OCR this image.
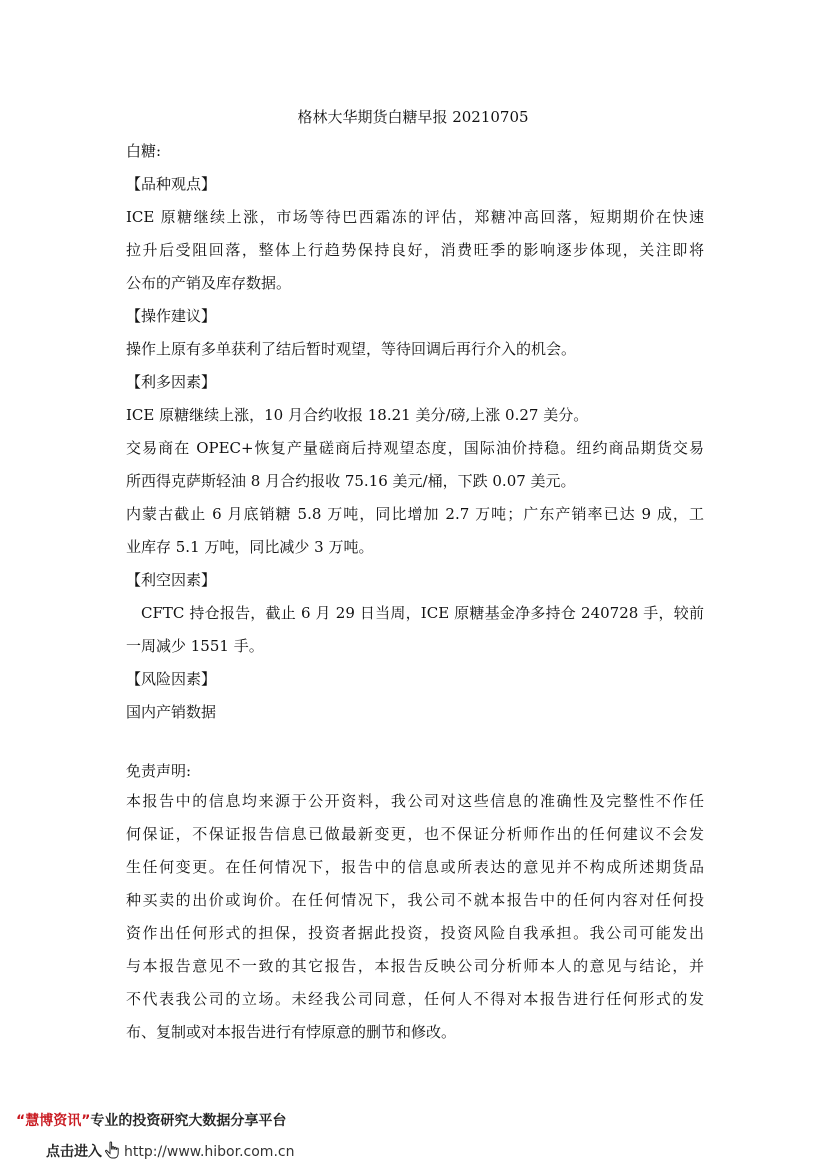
格林大华期货白糖早报 20210705
白糖:
【品种观点】
ICE 原糖继续上涨，市场等待巴西霜冻的评估，郑糖冲高回落，短期期价在快速
拉升后受阻回落，整体上行趋势保持良好，消费旺季的影响逐步体现，关注即将
公布的产销及库存数据。
【操作建议】
操作上原有多单获利了结后暂时观望，等待回调后再行介入的机会。
【利多因素】
ICE 原糖继续上涨，10 月合约收报 18.21 美分/磅,上涨 0.27 美分。
交易商在 OPEC+恢复产量磋商后持观望态度，国际油价持稳。纽约商品期货交易
所西得克萨斯轻油 8 月合约报收 75.16 美元/桶，下跌 0.07 美元。
内蒙古截止 6 月底销糖 5.8 万吨，同比增加 2.7 万吨；广东产销率已达 9 成，工
业库存 5.1 万吨，同比减少 3 万吨。
【利空因素】
CFTC 持仓报告，截止 6 月 29 日当周，ICE 原糖基金净多持仓 240728 手，较前
一周减少 1551 手。
【风险因素】
国内产销数据
免责声明:
本报告中的信息均来源于公开资料，我公司对这些信息的准确性及完整性不作任
何保证，不保证报告信息已做最新变更，也不保证分析师作出的任何建议不会发
生任何变更。在任何情况下，报告中的信息或所表达的意见并不构成所述期货品
种买卖的出价或询价。在任何情况下，我公司不就本报告中的任何内容对任何投
资作出任何形式的担保，投资者据此投资，投资风险自我承担。我公司可能发出
与本报告意见不一致的其它报告，本报告反映公司分析师本人的意见与结论，并
不代表我公司的立场。未经我公司同意，任何人不得对本报告进行任何形式的发
布、复制或对本报告进行有悖原意的删节和修改。
“慧博资讯”专业的投资研究大数据分享平台
点击进入 http://www.hibor.com.cn
